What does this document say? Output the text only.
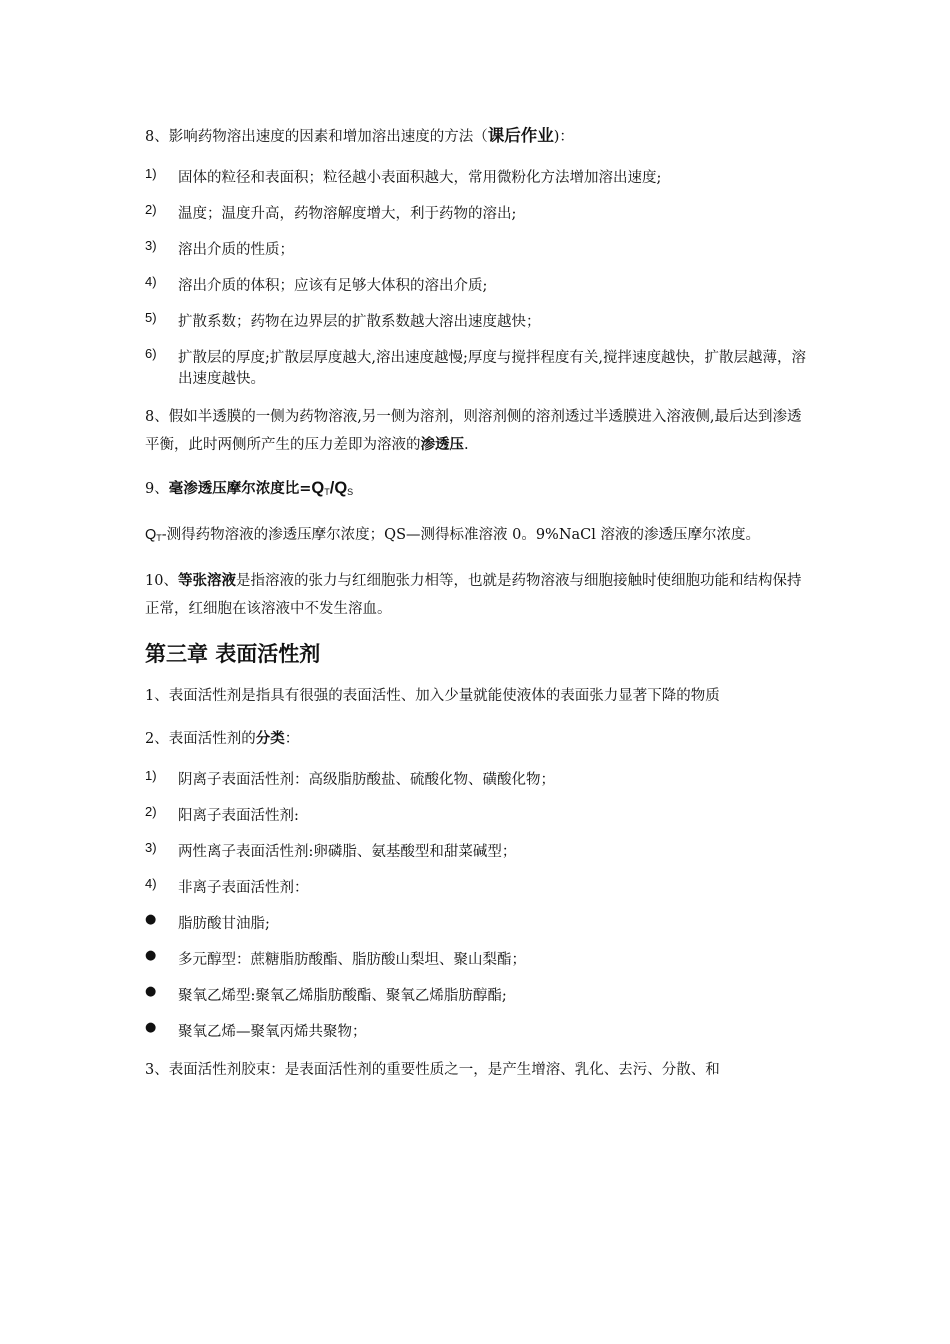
8、影响药物溶出速度的因素和增加溶出速度的方法（课后作业)：

1)	固体的粒径和表面积；粒径越小表面积越大，常用微粉化方法增加溶出速度;
2)	温度；温度升高，药物溶解度增大，利于药物的溶出;
3)	溶出介质的性质；
4)	溶出介质的体积；应该有足够大体积的溶出介质;
5)	扩散系数；药物在边界层的扩散系数越大溶出速度越快；
6)	扩散层的厚度;扩散层厚度越大,溶出速度越慢;厚度与搅拌程度有关,搅拌速度越快，扩散层越薄，溶出速度越快。

8、假如半透膜的一侧为药物溶液,另一侧为溶剂，则溶剂侧的溶剂透过半透膜进入溶液侧,最后达到渗透平衡，此时两侧所产生的压力差即为溶液的渗透压.

9、毫渗透压摩尔浓度比$=Q_T/Q_S$

$Q_T-$测得药物溶液的渗透压摩尔浓度；QS—测得标准溶液 0。9%NaCl 溶液的渗透压摩尔浓度。

10、等张溶液是指溶液的张力与红细胞张力相等，也就是药物溶液与细胞接触时使细胞功能和结构保持正常，红细胞在该溶液中不发生溶血。

第三章 表面活性剂

1、表面活性剂是指具有很强的表面活性、加入少量就能使液体的表面张力显著下降的物质

2、表面活性剂的分类：

1)	阴离子表面活性剂：高级脂肪酸盐、硫酸化物、磺酸化物；
2)	阳离子表面活性剂:
3)	两性离子表面活性剂:卵磷脂、氨基酸型和甜菜碱型；
4)	非离子表面活性剂：
●	脂肪酸甘油脂;
●	多元醇型：蔗糖脂肪酸酯、脂肪酸山梨坦、聚山梨酯；
●	聚氧乙烯型:聚氧乙烯脂肪酸酯、聚氧乙烯脂肪醇酯;
●	聚氧乙烯—聚氧丙烯共聚物；

3、表面活性剂胶束：是表面活性剂的重要性质之一，是产生增溶、乳化、去污、分散、和
